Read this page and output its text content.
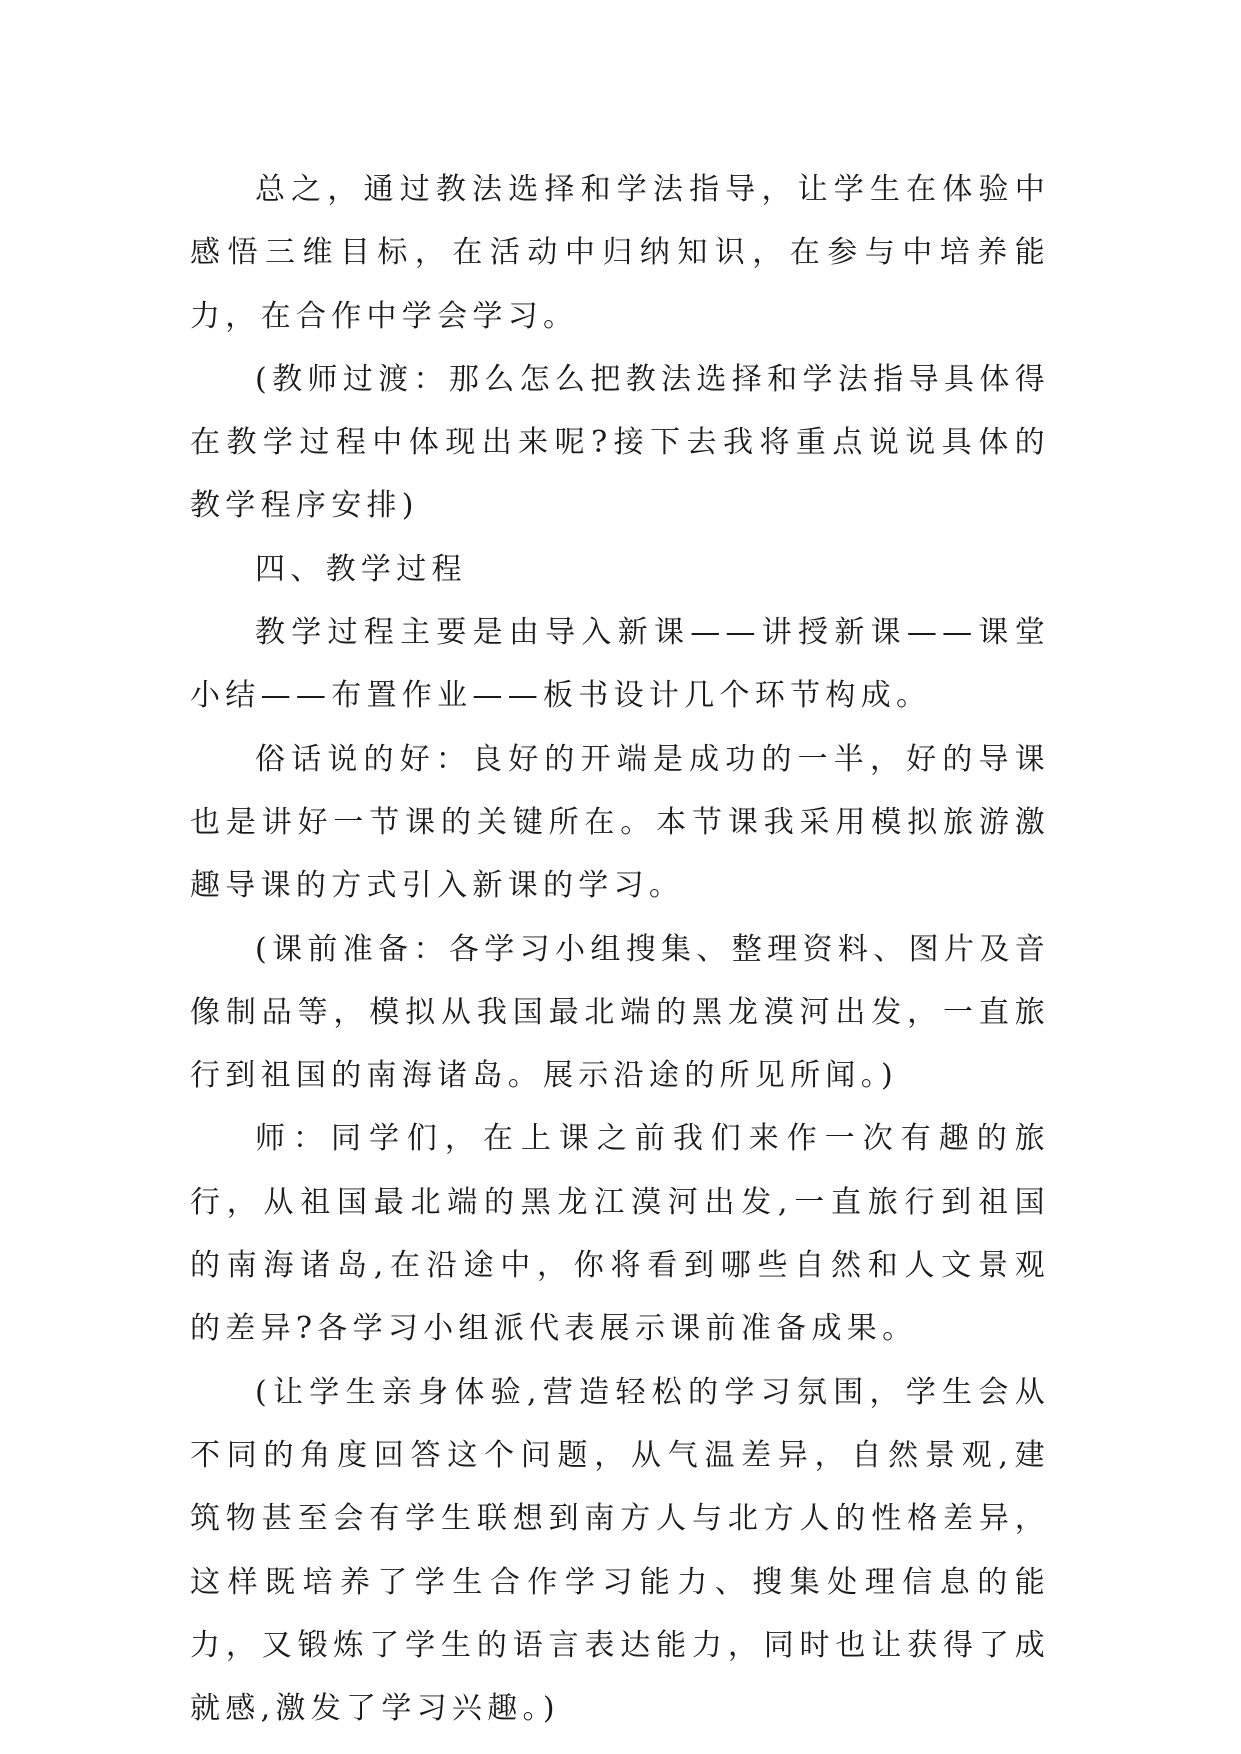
总之，通过教法选择和学法指导，让学生在体验中感悟三维目标，在活动中归纳知识，在参与中培养能力，在合作中学会学习。

(教师过渡：那么怎么把教法选择和学法指导具体得在教学过程中体现出来呢?接下去我将重点说说具体的教学程序安排)

四、教学过程

教学过程主要是由导入新课——讲授新课——课堂小结——布置作业——板书设计几个环节构成。

俗话说的好：良好的开端是成功的一半，好的导课也是讲好一节课的关键所在。本节课我采用模拟旅游激趣导课的方式引入新课的学习。

(课前准备：各学习小组搜集、整理资料、图片及音像制品等，模拟从我国最北端的黑龙漠河出发，一直旅行到祖国的南海诸岛。展示沿途的所见所闻。)

师：同学们，在上课之前我们来作一次有趣的旅行，从祖国最北端的黑龙江漠河出发,一直旅行到祖国的南海诸岛,在沿途中，你将看到哪些自然和人文景观的差异?各学习小组派代表展示课前准备成果。

(让学生亲身体验,营造轻松的学习氛围，学生会从不同的角度回答这个问题，从气温差异，自然景观,建筑物甚至会有学生联想到南方人与北方人的性格差异，这样既培养了学生合作学习能力、搜集处理信息的能力，又锻炼了学生的语言表达能力，同时也让获得了成就感,激发了学习兴趣。)
